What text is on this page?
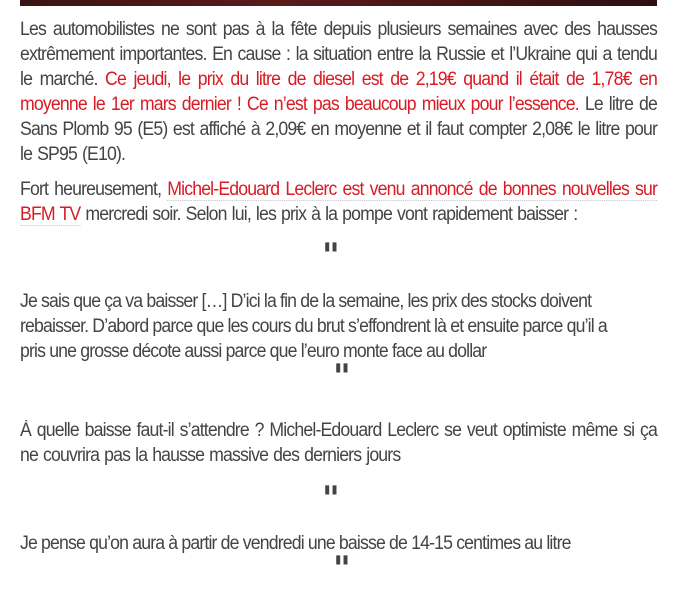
Les automobilistes ne sont pas à la fête depuis plusieurs semaines avec des hausses extrêmement importantes. En cause : la situation entre la Russie et l’Ukraine qui a tendu le marché. Ce jeudi, le prix du litre de diesel est de 2,19€ quand il était de 1,78€ en moyenne le 1er mars dernier ! Ce n’est pas beaucoup mieux pour l’essence. Le litre de Sans Plomb 95 (E5) est affiché à 2,09€ en moyenne et il faut compter 2,08€ le litre pour le SP95 (E10).

Fort heureusement, Michel-Edouard Leclerc est venu annoncé de bonnes nouvelles sur BFM TV mercredi soir. Selon lui, les prix à la pompe vont rapidement baisser :

À quelle baisse faut-il s’attendre ? Michel-Edouard Leclerc se veut optimiste même si ça ne couvrira pas la hausse massive des derniers jours

"

Je sais que ça va baisser […] D’ici la fin de la semaine, les prix des stocks doivent rebaisser. D’abord parce que les cours du brut s’effondrent là et ensuite parce qu’il a pris une grosse décote aussi parce que l’euro monte face au dollar

"
"

Je pense qu’on aura à partir de vendredi une baisse de 14-15 centimes au litre

"
